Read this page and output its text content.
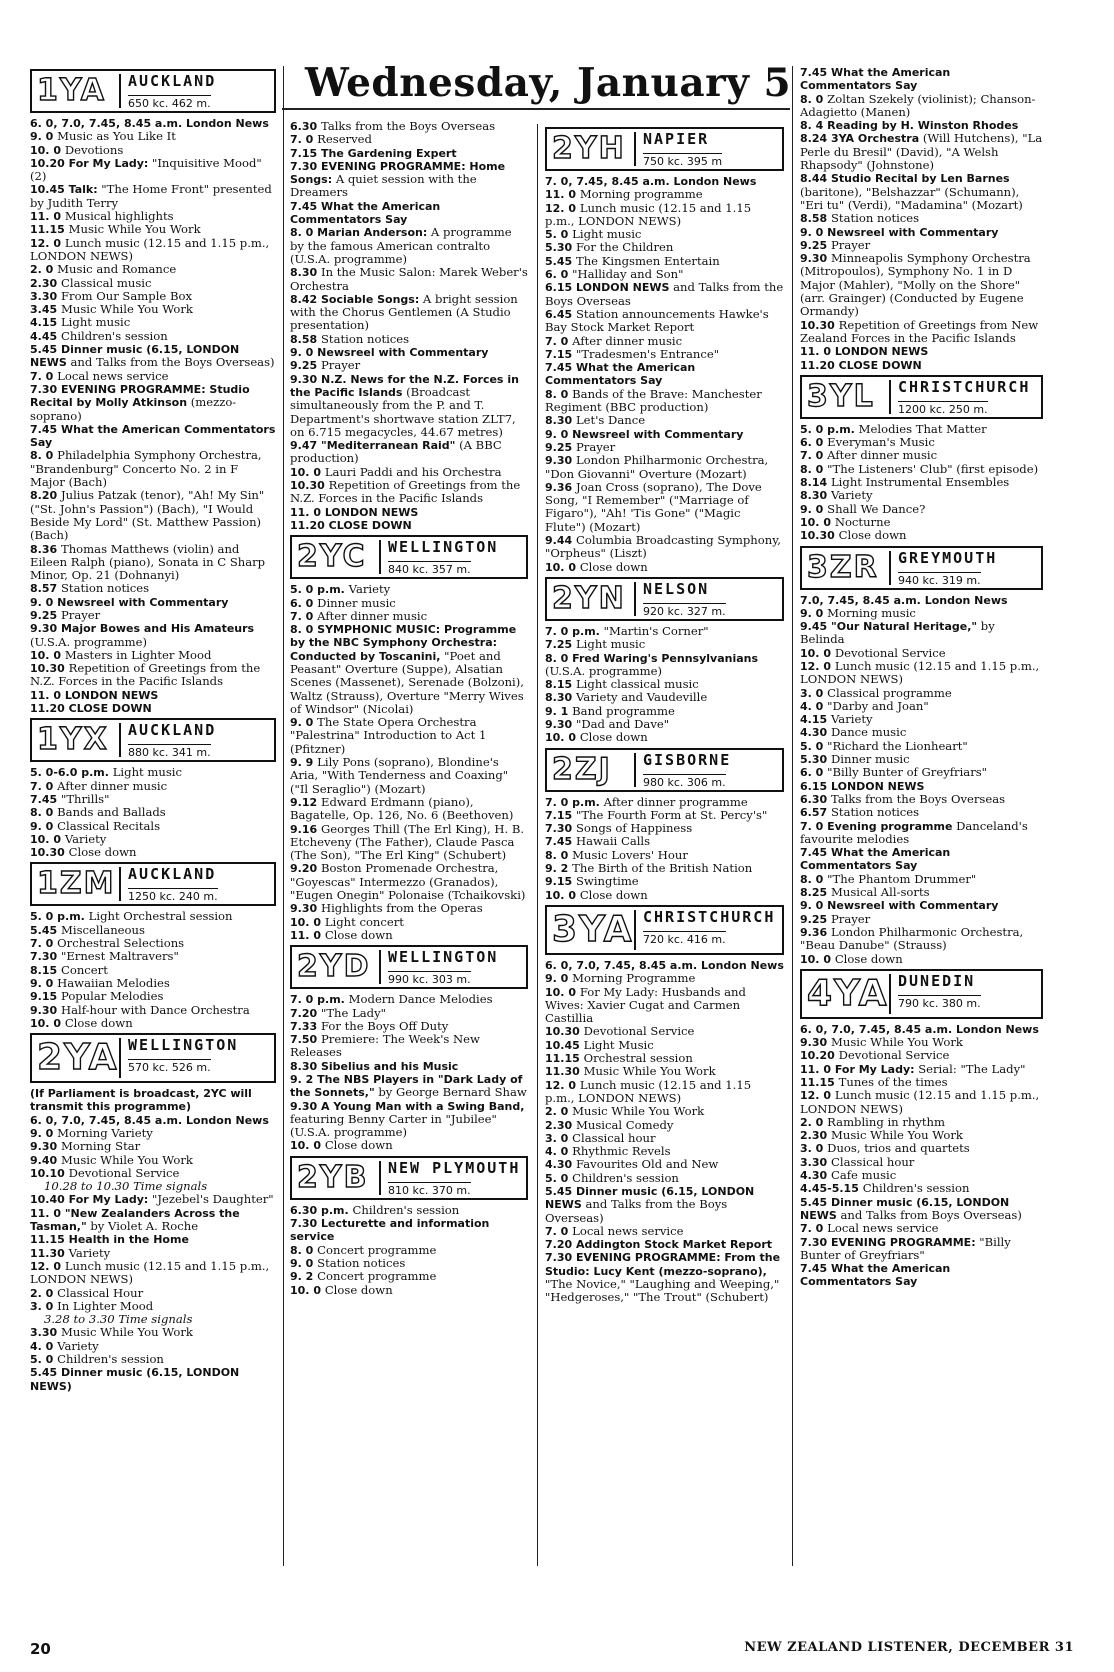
Wednesday, January 5
1YA AUCKLAND
650 kc. 462 m.
6. 0, 7.0, 7.45, 8.45 a.m. London News
9. 0 Music as You Like It
10. 0 Devotions
10.20 For My Lady: "Inquisitive Mood" (2)
10.45 Talk: "The Home Front" presented by Judith Terry
11. 0 Musical highlights
11.15 Music While You Work
12. 0 Lunch music (12.15 and 1.15 p.m., LONDON NEWS)
2. 0 Music and Romance
2.30 Classical music
3.30 From Our Sample Box
3.45 Music While You Work
4.15 Light music
4.45 Children's session
5.45 Dinner music (6.15, LONDON NEWS and Talks from the Boys Overseas)
7. 0 Local news service
7.30 EVENING PROGRAMME: Studio Recital by Molly Atkinson (mezzo-soprano)
7.45 What the American Commentators Say
8. 0 Philadelphia Symphony Orchestra, "Brandenburg" Concerto No. 2 in F Major (Bach)
8.20 Julius Patzak (tenor), "Ah! My Sin" ("St. John's Passion") (Bach), "I Would Beside My Lord" (St. Matthew Passion) (Bach)
8.36 Thomas Matthews (violin) and Eileen Ralph (piano), Sonata in C Sharp Minor, Op. 21 (Dohnanyi)
8.57 Station notices
9. 0 Newsreel with Commentary
9.25 Prayer
9.30 Major Bowes and His Amateurs (U.S.A. programme)
10. 0 Masters in Lighter Mood
10.30 Repetition of Greetings from the N.Z. Forces in the Pacific Islands
11. 0 LONDON NEWS
11.20 CLOSE DOWN
1YX AUCKLAND
880 kc. 341 m.
5. 0-6.0 p.m. Light music
7. 0 After dinner music
7.45 "Thrills"
8. 0 Bands and Ballads
9. 0 Classical Recitals
10. 0 Variety
10.30 Close down
1ZM AUCKLAND
1250 kc. 240 m.
5. 0 p.m. Light Orchestral session
5.45 Miscellaneous
7. 0 Orchestral Selections
7.30 "Ernest Maltravers"
8.15 Concert
9. 0 Hawaiian Melodies
9.15 Popular Melodies
9.30 Half-hour with Dance Orchestra
10. 0 Close down
2YA WELLINGTON
570 kc. 526 m.
(If Parliament is broadcast, 2YC will transmit this programme)
6. 0, 7.0, 7.45, 8.45 a.m. London News
9. 0 Morning Variety
9.30 Morning Star
9.40 Music While You Work
10.10 Devotional Service
10.28 to 10.30 Time signals
10.40 For My Lady: "Jezebel's Daughter"
11. 0 "New Zealanders Across the Tasman," by Violet A. Roche
11.15 Health in the Home
11.30 Variety
12. 0 Lunch music (12.15 and 1.15 p.m., LONDON NEWS)
2. 0 Classical Hour
3. 0 In Lighter Mood
3.28 to 3.30 Time signals
3.30 Music While You Work
4. 0 Variety
5. 0 Children's session
5.45 Dinner music (6.15, LONDON NEWS)
6.30 Talks from the Boys Overseas
7. 0 Reserved
7.15 The Gardening Expert
7.30 EVENING PROGRAMME: Home Songs: A quiet session with the Dreamers
7.45 What the American Commentators Say
8. 0 Marian Anderson: A programme by the famous American contralto (U.S.A. programme)
8.30 In the Music Salon: Marek Weber's Orchestra
8.42 Sociable Songs: A bright session with the Chorus Gentlemen (A Studio presentation)
8.58 Station notices
9. 0 Newsreel with Commentary
9.25 Prayer
9.30 N.Z. News for the N.Z. Forces in the Pacific Islands (Broadcast simultaneously from the P. and T. Department's shortwave station ZLT7, on 6.715 megacycles, 44.67 metres)
9.47 "Mediterranean Raid" (A BBC production)
10. 0 Lauri Paddi and his Orchestra
10.30 Repetition of Greetings from the N.Z. Forces in the Pacific Islands
11. 0 LONDON NEWS
11.20 CLOSE DOWN
2YC WELLINGTON
840 kc. 357 m.
5. 0 p.m. Variety
6. 0 Dinner music
7. 0 After dinner music
8. 0 SYMPHONIC MUSIC: Programme by the NBC Symphony Orchestra: Conducted by Toscanini, "Poet and Peasant" Overture (Suppe), Alsatian Scenes (Massenet), Serenade (Bolzoni), Waltz (Strauss), Overture "Merry Wives of Windsor" (Nicolai)
9. 0 The State Opera Orchestra "Palestrina" Introduction to Act 1 (Pfitzner)
9. 9 Lily Pons (soprano), Blondine's Aria, "With Tenderness and Coaxing" ("Il Seraglio") (Mozart)
9.12 Edward Erdmann (piano), Bagatelle, Op. 126, No. 6 (Beethoven)
9.16 Georges Thill (The Erl King), H. B. Etcheveny (The Father), Claude Pasca (The Son), "The Erl King" (Schubert)
9.20 Boston Promenade Orchestra, "Goyescas" Intermezzo (Granados), "Eugen Onegin" Polonaise (Tchaikovski)
9.30 Highlights from the Operas
10. 0 Light concert
11. 0 Close down
2YD WELLINGTON
990 kc. 303 m.
7. 0 p.m. Modern Dance Melodies
7.20 "The Lady"
7.33 For the Boys Off Duty
7.50 Premiere: The Week's New Releases
8.30 Sibelius and his Music
9. 2 The NBS Players in "Dark Lady of the Sonnets," by George Bernard Shaw
9.30 A Young Man with a Swing Band, featuring Benny Carter in "Jubilee" (U.S.A. programme)
10. 0 Close down
2YB NEW PLYMOUTH
810 kc. 370 m.
6.30 p.m. Children's session
7.30 Lecturette and information service
8. 0 Concert programme
9. 0 Station notices
9. 2 Concert programme
10. 0 Close down
2YH NAPIER
750 kc. 395 m
7. 0, 7.45, 8.45 a.m. London News
11. 0 Morning programme
12. 0 Lunch music (12.15 and 1.15 p.m., LONDON NEWS)
5. 0 Light music
5.30 For the Children
5.45 The Kingsmen Entertain
6. 0 "Halliday and Son"
6.15 LONDON NEWS and Talks from the Boys Overseas
6.45 Station announcements Hawke's Bay Stock Market Report
7. 0 After dinner music
7.15 "Tradesmen's Entrance"
7.45 What the American Commentators Say
8. 0 Bands of the Brave: Manchester Regiment (BBC production)
8.30 Let's Dance
9. 0 Newsreel with Commentary
9.25 Prayer
9.30 London Philharmonic Orchestra, "Don Giovanni" Overture (Mozart)
9.36 Joan Cross (soprano), The Dove Song, "I Remember" ("Marriage of Figaro"), "Ah! 'Tis Gone" ("Magic Flute") (Mozart)
9.44 Columbia Broadcasting Symphony, "Orpheus" (Liszt)
10. 0 Close down
2YN NELSON
920 kc. 327 m.
7. 0 p.m. "Martin's Corner"
7.25 Light music
8. 0 Fred Waring's Pennsylvanians (U.S.A. programme)
8.15 Light classical music
8.30 Variety and Vaudeville
9. 1 Band programme
9.30 "Dad and Dave"
10. 0 Close down
2ZJ GISBORNE
980 kc. 306 m.
7. 0 p.m. After dinner programme
7.15 "The Fourth Form at St. Percy's"
7.30 Songs of Happiness
7.45 Hawaii Calls
8. 0 Music Lovers' Hour
9. 2 The Birth of the British Nation
9.15 Swingtime
10. 0 Close down
3YA CHRISTCHURCH
720 kc. 416 m.
6. 0, 7.0, 7.45, 8.45 a.m. London News
9. 0 Morning Programme
10. 0 For My Lady: Husbands and Wives: Xavier Cugat and Carmen Castillia
10.30 Devotional Service
10.45 Light Music
11.15 Orchestral session
11.30 Music While You Work
12. 0 Lunch music (12.15 and 1.15 p.m., LONDON NEWS)
2. 0 Music While You Work
2.30 Musical Comedy
3. 0 Classical hour
4. 0 Rhythmic Revels
4.30 Favourites Old and New
5. 0 Children's session
5.45 Dinner music (6.15, LONDON NEWS and Talks from the Boys Overseas)
7. 0 Local news service
7.20 Addington Stock Market Report
7.30 EVENING PROGRAMME: From the Studio: Lucy Kent (mezzo-soprano), "The Novice," "Laughing and Weeping," "Hedgeroses," "The Trout" (Schubert)
7.45 What the American Commentators Say
8. 0 Zoltan Szekely (violinist); Chanson-Adagietto (Manen)
8. 4 Reading by H. Winston Rhodes
8.24 3YA Orchestra (Will Hutchens), "La Perle du Bresil" (David), "A Welsh Rhapsody" (Johnstone)
8.44 Studio Recital by Len Barnes (baritone), "Belshazzar" (Schumann), "Eri tu" (Verdi), "Madamina" (Mozart)
8.58 Station notices
9. 0 Newsreel with Commentary
9.25 Prayer
9.30 Minneapolis Symphony Orchestra (Mitropoulos), Symphony No. 1 in D Major (Mahler), "Molly on the Shore" (arr. Grainger) (Conducted by Eugene Ormandy)
10.30 Repetition of Greetings from New Zealand Forces in the Pacific Islands
11. 0 LONDON NEWS
11.20 CLOSE DOWN
3YL CHRISTCHURCH
1200 kc. 250 m.
5. 0 p.m. Melodies That Matter
6. 0 Everyman's Music
7. 0 After dinner music
8. 0 "The Listeners' Club" (first episode)
8.14 Light Instrumental Ensembles
8.30 Variety
9. 0 Shall We Dance?
10. 0 Nocturne
10.30 Close down
3ZR GREYMOUTH
940 kc. 319 m.
7.0, 7.45, 8.45 a.m. London News
9. 0 Morning music
9.45 "Our Natural Heritage," by Belinda
10. 0 Devotional Service
12. 0 Lunch music (12.15 and 1.15 p.m., LONDON NEWS)
3. 0 Classical programme
4. 0 "Darby and Joan"
4.15 Variety
4.30 Dance music
5. 0 "Richard the Lionheart"
5.30 Dinner music
6. 0 "Billy Bunter of Greyfriars"
6.15 LONDON NEWS
6.30 Talks from the Boys Overseas
6.57 Station notices
7. 0 Evening programme Danceland's favourite melodies
7.45 What the American Commentators Say
8. 0 "The Phantom Drummer"
8.25 Musical All-sorts
9. 0 Newsreel with Commentary
9.25 Prayer
9.36 London Philharmonic Orchestra, "Beau Danube" (Strauss)
10. 0 Close down
4YA DUNEDIN
790 kc. 380 m.
6. 0, 7.0, 7.45, 8.45 a.m. London News
9.30 Music While You Work
10.20 Devotional Service
11. 0 For My Lady: Serial: "The Lady"
11.15 Tunes of the times
12. 0 Lunch music (12.15 and 1.15 p.m., LONDON NEWS)
2. 0 Rambling in rhythm
2.30 Music While You Work
3. 0 Duos, trios and quartets
3.30 Classical hour
4.30 Cafe music
4.45-5.15 Children's session
5.45 Dinner music (6.15, LONDON NEWS and Talks from Boys Overseas)
7. 0 Local news service
7.30 EVENING PROGRAMME: "Billy Bunter of Greyfriars"
7.45 What the American Commentators Say
20	NEW ZEALAND LISTENER, DECEMBER 31
